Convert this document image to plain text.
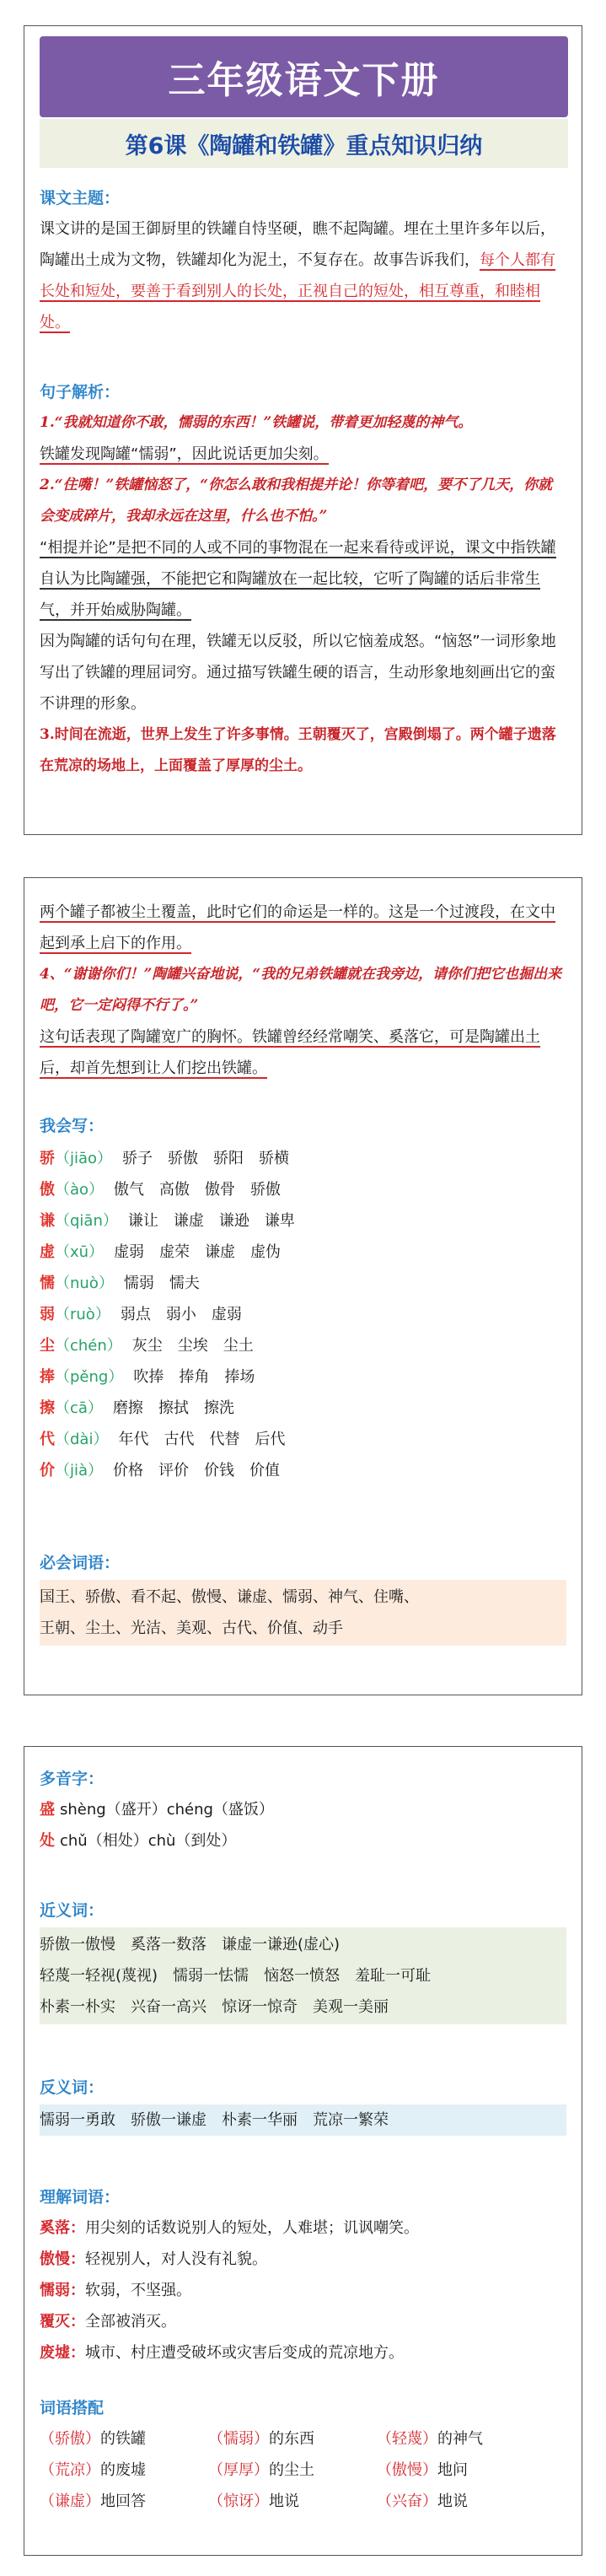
三年级语文下册
第6课《陶罐和铁罐》重点知识归纳
课文主题：
课文讲的是国王御厨里的铁罐自恃坚硬，瞧不起陶罐。埋在土里许多年以后，陶罐出土成为文物，铁罐却化为泥土，不复存在。故事告诉我们，每个人都有长处和短处，要善于看到别人的长处，正视自己的短处，相互尊重，和睦相处。
句子解析：
1.“我就知道你不敢，懦弱的东西！”铁罐说，带着更加轻蔑的神气。
铁罐发现陶罐“懦弱”，因此说话更加尖刻。
2.“住嘴！”铁罐恼怒了，“你怎么敢和我相提并论！你等着吧，要不了几天，你就会变成碎片，我却永远在这里，什么也不怕。”
“相提并论”是把不同的人或不同的事物混在一起来看待或评说，课文中指铁罐自认为比陶罐强，不能把它和陶罐放在一起比较，它听了陶罐的话后非常生气，并开始威胁陶罐。
因为陶罐的话句句在理，铁罐无以反驳，所以它恼羞成怒。“恼怒”一词形象地写出了铁罐的理屈词穷。通过描写铁罐生硬的语言，生动形象地刻画出它的蛮不讲理的形象。
3.时间在流逝，世界上发生了许多事情。王朝覆灭了，宫殿倒塌了。两个罐子遗落在荒凉的场地上，上面覆盖了厚厚的尘土。
两个罐子都被尘土覆盖，此时它们的命运是一样的。这是一个过渡段，在文中起到承上启下的作用。
4、“谢谢你们！”陶罐兴奋地说，“我的兄弟铁罐就在我旁边，请你们把它也掘出来吧，它一定闷得不行了。”
这句话表现了陶罐宽广的胸怀。铁罐曾经经常嘲笑、奚落它，可是陶罐出土后，却首先想到让人们挖出铁罐。
我会写：
骄（jiāo） 骄子 骄傲 骄阳 骄横
傲（ào） 傲气 高傲 傲骨 骄傲
谦（qiān） 谦让 谦虚 谦逊 谦卑
虚（xū） 虚弱 虚荣 谦虚 虚伪
懦（nuò） 懦弱 懦夫
弱（ruò） 弱点 弱小 虚弱
尘（chén） 灰尘 尘埃 尘土
捧（pěng） 吹捧 捧角 捧场
擦（cā） 磨擦 擦拭 擦洗
代（dài） 年代 古代 代替 后代
价（jià） 价格 评价 价钱 价值
必会词语：
国王、骄傲、看不起、傲慢、谦虚、懦弱、神气、住嘴、
王朝、尘土、光洁、美观、古代、价值、动手
多音字：
盛 shèng（盛开）chéng（盛饭）
处 chǔ（相处）chù（到处）
近义词：
骄傲一傲慢　奚落一数落　谦虚一谦逊(虚心)
轻蔑一轻视(蔑视)　懦弱一怯懦　恼怒一愤怒　羞耻一可耻
朴素一朴实　兴奋一高兴　惊讶一惊奇　美观一美丽
反义词：
懦弱一勇敢　骄傲一谦虚　朴素一华丽　荒凉一繁荣
理解词语：
奚落：用尖刻的话数说别人的短处，人难堪；讥讽嘲笑。
傲慢：轻视别人，对人没有礼貌。
懦弱：软弱，不坚强。
覆灭：全部被消灭。
废墟：城市、村庄遭受破坏或灾害后变成的荒凉地方。
词语搭配
（骄傲）的铁罐	（懦弱）的东西	（轻蔑）的神气
（荒凉）的废墟	（厚厚）的尘土	（傲慢）地问
（谦虚）地回答	（惊讶）地说	（兴奋）地说
